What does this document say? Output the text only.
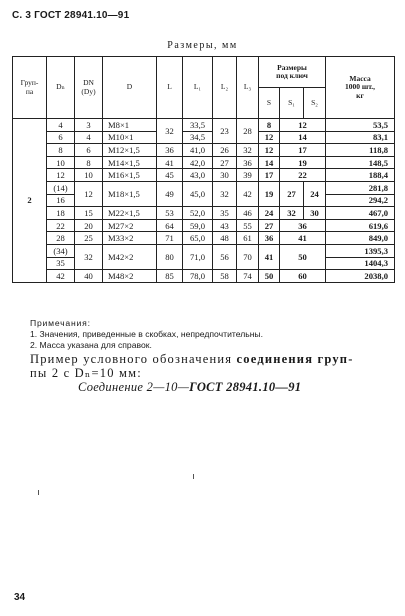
С. 3 ГОСТ 28941.10—91
Размеры, мм
Груп-
па	Dₙ	DN
(Dу)	D	L	L₁	L₂	L₃	Размеры
под ключ			Масса
1000 шт.,
кг
								S	S₁	S₂	
2	4	3	М8×1	32	33,5	23	28	8	12		53,5
	6	4	М10×1		34,5			12	14		83,1
	8	6	М12×1,5	36	41,0	26	32	12	17		118,8
	10	8	М14×1,5	41	42,0	27	36	14	19		148,5
	12	10	М16×1,5	45	43,0	30	39	17	22		188,4
	(14)	12	М18×1,5	49	45,0	32	42	19	27	24	281,8
	16										294,2
	18	15	М22×1,5	53	52,0	35	46	24	32	30	467,0
	22	20	М27×2	64	59,0	43	55	27	36		619,6
	28	25	М33×2	71	65,0	48	61	36	41		849,0
	(34)	32	М42×2	80	71,0	56	70	41	50		1395,3
	35										1404,3
	42	40	М48×2	85	78,0	58	74	50	60		2038,0
Примечания:
1. Значения, приведенные в скобках, непредпочтительны.
2. Масса указана для справок.
Пример условного обозначения соединения груп-
пы 2 с Dₙ=10 мм:
Соединение 2—10—ГОСТ 28941.10—91
34
